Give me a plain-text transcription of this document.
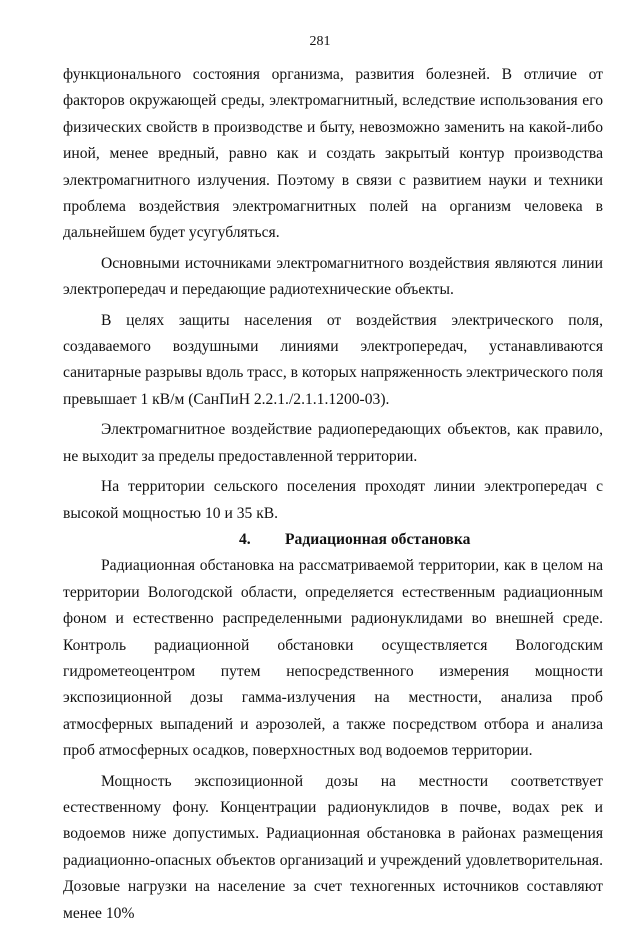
281

функционального состояния организма, развития болезней. В отличие от факторов окружающей среды, электромагнитный, вследствие использования его физических свойств в производстве и быту, невозможно заменить на какой-либо иной, менее вредный, равно как и создать закрытый контур производства электромагнитного излучения. Поэтому в связи с развитием науки и техники проблема воздействия электромагнитных полей на организм человека в дальнейшем будет усугубляться.

Основными источниками электромагнитного воздействия являются линии электропередач и передающие радиотехнические объекты.

В целях защиты населения от воздействия электрического поля, создаваемого воздушными линиями электропередач, устанавливаются санитарные разрывы вдоль трасс, в которых напряженность электрического поля превышает 1 кВ/м (СанПиН 2.2.1./2.1.1.1200-03).

Электромагнитное воздействие радиопередающих объектов, как правило, не выходит за пределы предоставленной территории.

На территории сельского поселения проходят линии электропередач с высокой мощностью 10 и 35 кВ.

4. Радиационная обстановка

Радиационная обстановка на рассматриваемой территории, как в целом на территории Вологодской области, определяется естественным радиационным фоном и естественно распределенными радионуклидами во внешней среде. Контроль радиационной обстановки осуществляется Вологодским гидрометеоцентром путем непосредственного измерения мощности экспозиционной дозы гамма-излучения на местности, анализа проб атмосферных выпадений и аэрозолей, а также посредством отбора и анализа проб атмосферных осадков, поверхностных вод водоемов территории.

Мощность экспозиционной дозы на местности соответствует естественному фону. Концентрации радионуклидов в почве, водах рек и водоемов ниже допустимых. Радиационная обстановка в районах размещения радиационно-опасных объектов организаций и учреждений удовлетворительная. Дозовые нагрузки на население за счет техногенных источников составляют менее 10%
